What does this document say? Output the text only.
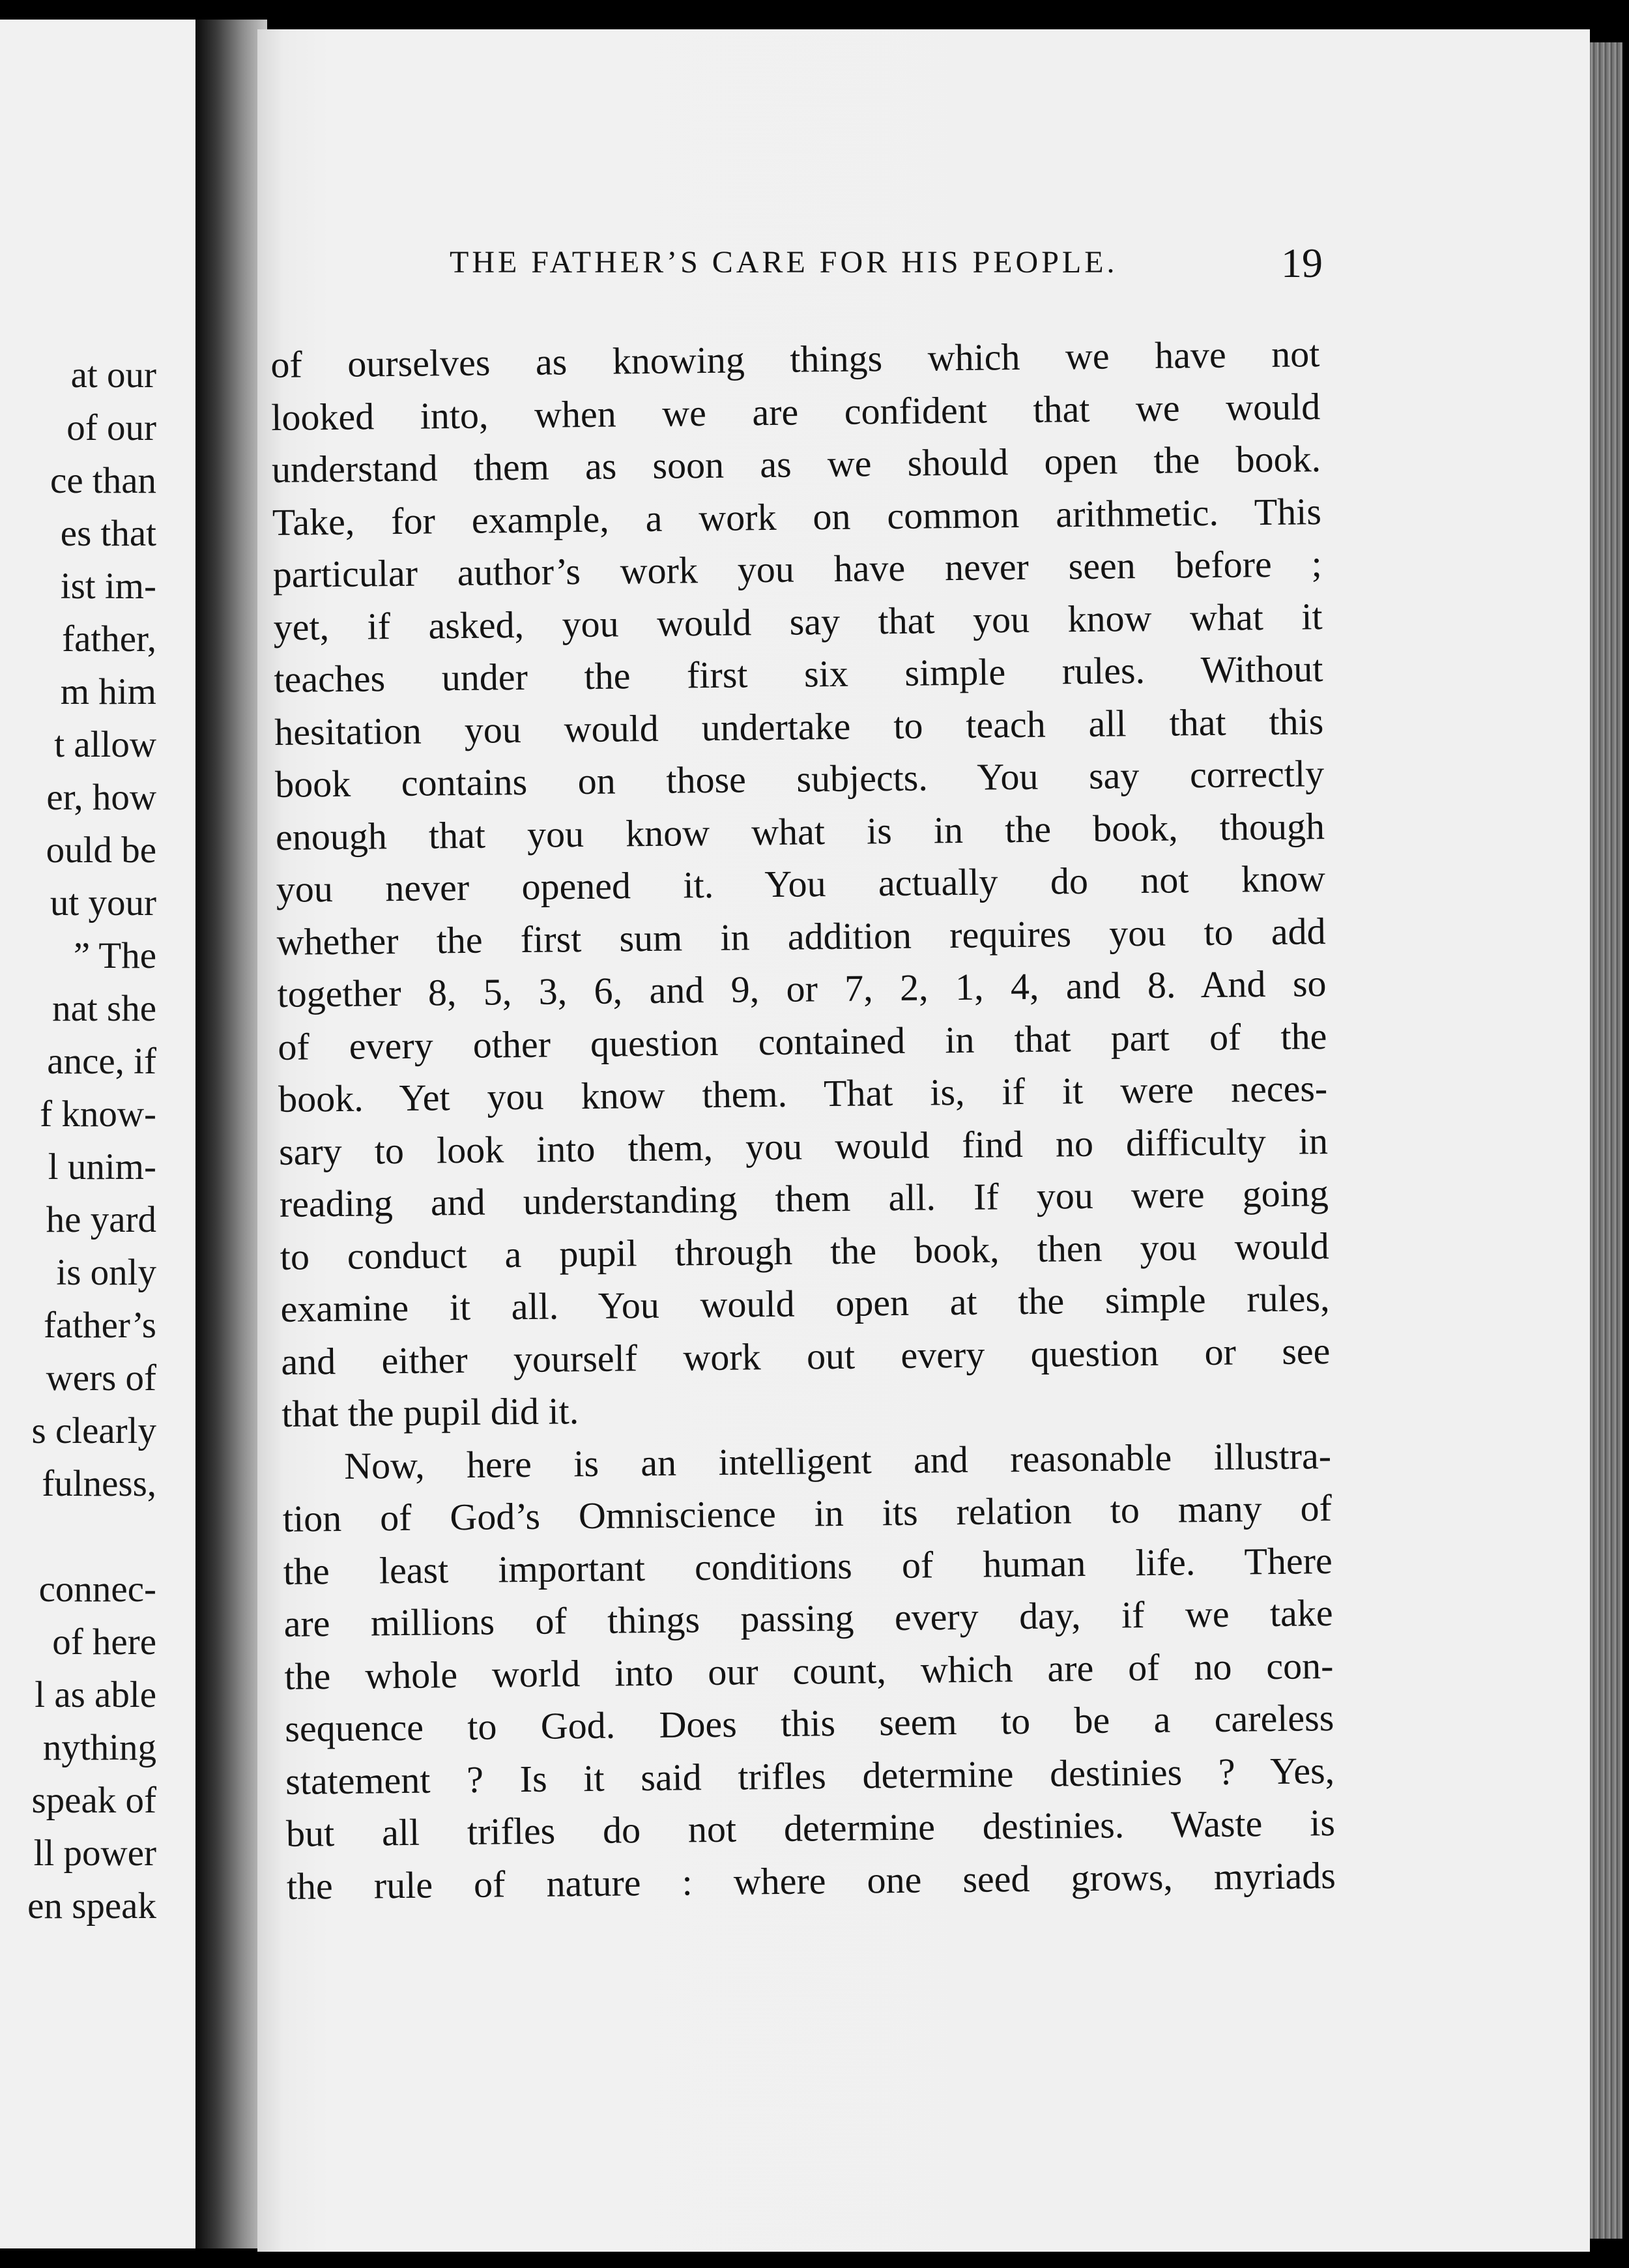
at our
of our
ce than
es that
ist im-
father,
m him
t allow
er, how
ould be
ut your
” The
nat she
ance, if
f know-
l unim-
he yard
is only
father’s
wers of
s clearly
fulness,
connec-
of here
l as able
nything
speak of
ll power
en speak
THE FATHER’S CARE FOR HIS PEOPLE.	19
of ourselves as knowing things which we have not
looked into, when we are confident that we would
understand them as soon as we should open the book.
Take, for example, a work on common arithmetic. This
particular author’s work you have never seen before ;
yet, if asked, you would say that you know what it
teaches under the first six simple rules. Without
hesitation you would undertake to teach all that this
book contains on those subjects. You say correctly
enough that you know what is in the book, though
you never opened it. You actually do not know
whether the first sum in addition requires you to add
together 8, 5, 3, 6, and 9, or 7, 2, 1, 4, and 8. And so
of every other question contained in that part of the
book. Yet you know them. That is, if it were neces-
sary to look into them, you would find no difficulty in
reading and understanding them all. If you were going
to conduct a pupil through the book, then you would
examine it all. You would open at the simple rules,
and either yourself work out every question or see
that the pupil did it.
Now, here is an intelligent and reasonable illustra-
tion of God’s Omniscience in its relation to many of
the least important conditions of human life. There
are millions of things passing every day, if we take
the whole world into our count, which are of no con-
sequence to God. Does this seem to be a careless
statement ? Is it said trifles determine destinies ? Yes,
but all trifles do not determine destinies. Waste is
the rule of nature : where one seed grows, myriads
